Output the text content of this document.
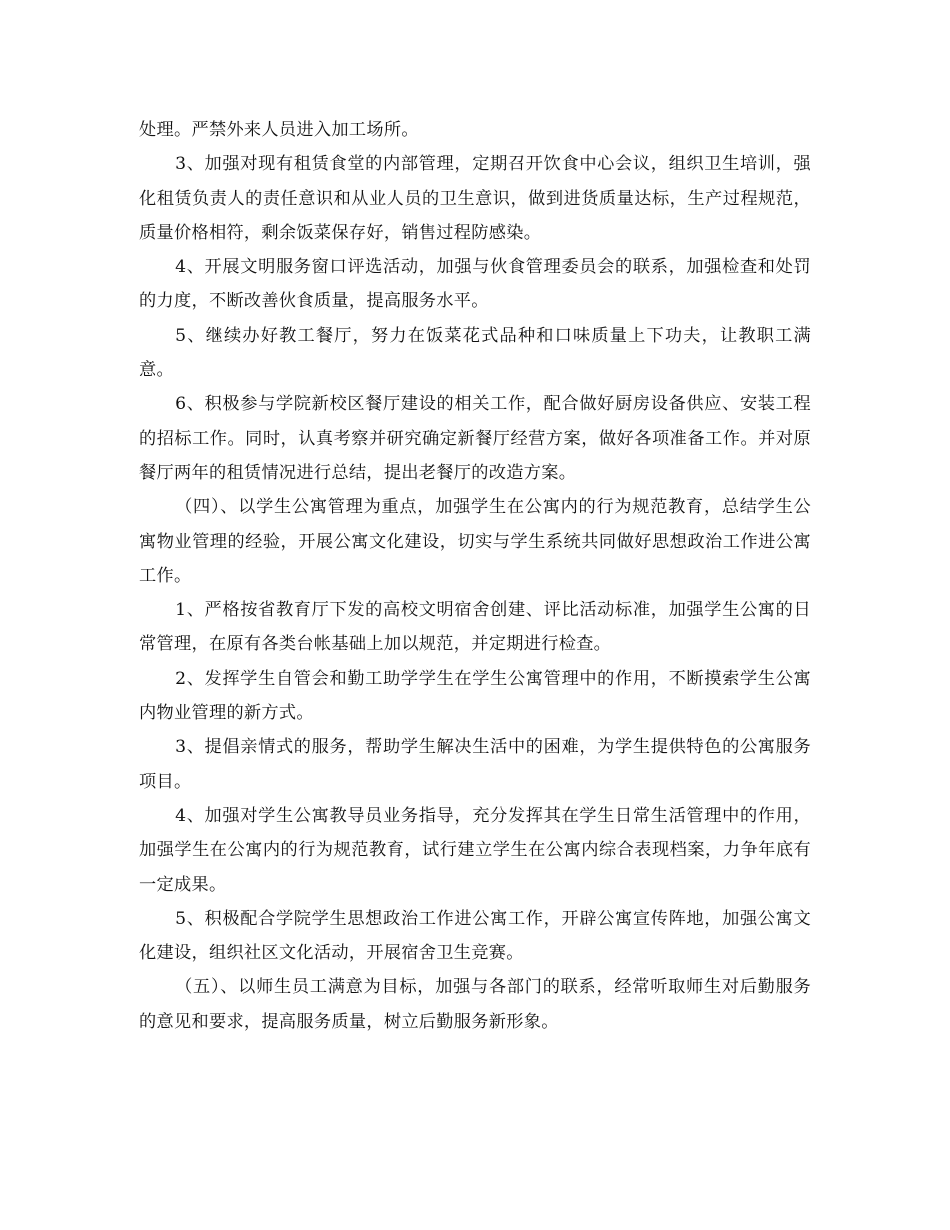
处理。严禁外来人员进入加工场所。

3、加强对现有租赁食堂的内部管理，定期召开饮食中心会议，组织卫生培训，强化租赁负责人的责任意识和从业人员的卫生意识，做到进货质量达标，生产过程规范，质量价格相符，剩余饭菜保存好，销售过程防感染。

4、开展文明服务窗口评选活动，加强与伙食管理委员会的联系，加强检查和处罚的力度，不断改善伙食质量，提高服务水平。

5、继续办好教工餐厅，努力在饭菜花式品种和口味质量上下功夫，让教职工满意。

6、积极参与学院新校区餐厅建设的相关工作，配合做好厨房设备供应、安装工程的招标工作。同时，认真考察并研究确定新餐厅经营方案，做好各项准备工作。并对原餐厅两年的租赁情况进行总结，提出老餐厅的改造方案。

（四）、以学生公寓管理为重点，加强学生在公寓内的行为规范教育，总结学生公寓物业管理的经验，开展公寓文化建设，切实与学生系统共同做好思想政治工作进公寓工作。

1、严格按省教育厅下发的高校文明宿舍创建、评比活动标准，加强学生公寓的日常管理，在原有各类台帐基础上加以规范，并定期进行检查。

2、发挥学生自管会和勤工助学学生在学生公寓管理中的作用，不断摸索学生公寓内物业管理的新方式。

3、提倡亲情式的服务，帮助学生解决生活中的困难，为学生提供特色的公寓服务项目。

4、加强对学生公寓教导员业务指导，充分发挥其在学生日常生活管理中的作用，加强学生在公寓内的行为规范教育，试行建立学生在公寓内综合表现档案，力争年底有一定成果。

5、积极配合学院学生思想政治工作进公寓工作，开辟公寓宣传阵地，加强公寓文化建设，组织社区文化活动，开展宿舍卫生竞赛。

（五）、以师生员工满意为目标，加强与各部门的联系，经常听取师生对后勤服务的意见和要求，提高服务质量，树立后勤服务新形象。
